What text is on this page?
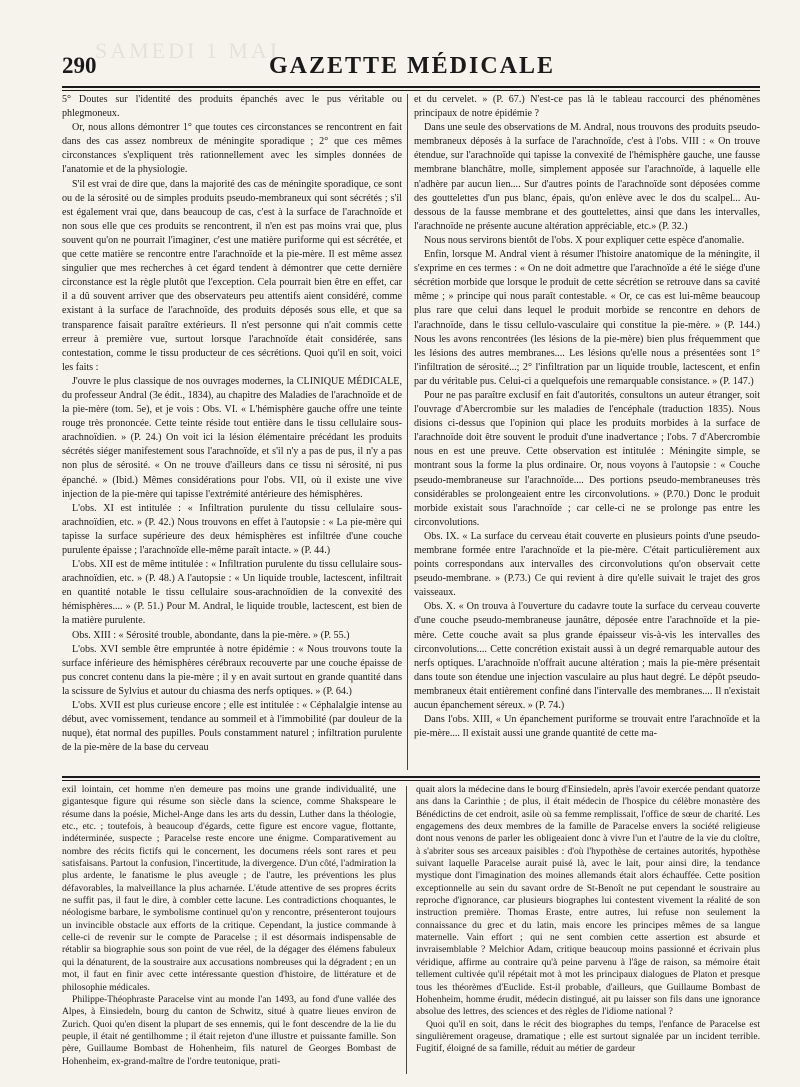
SAMEDI 1 MAI
GAZETTE MÉDICALE
290

5° Doutes sur l'identité des produits épanchés avec le pus véritable ou phlegmoneux.

Or, nous allons démontrer 1° que toutes ces circonstances se rencontrent en fait dans des cas assez nombreux de méningite sporadique ; 2° que ces mêmes circonstances s'expliquent très rationnellement avec les simples données de l'anatomie et de la physiologie.

S'il est vrai de dire que, dans la majorité des cas de méningite sporadique, ce sont ou de la sérosité ou de simples produits pseudo-membraneux qui sont sécrétés ; s'il est également vrai que, dans beaucoup de cas, c'est à la surface de l'arachnoïde et non sous elle que ces produits se rencontrent, il n'en est pas moins vrai que, plus souvent qu'on ne pourrait l'imaginer, c'est une matière puriforme qui est sécrétée, et que cette matière se rencontre entre l'arachnoïde et la pie-mère. Il est même assez singulier que mes recherches à cet égard tendent à démontrer que cette dernière circonstance est la règle plutôt que l'exception. Cela pourrait bien être en effet, car il a dû souvent arriver que des observateurs peu attentifs aient considéré, comme existant à la surface de l'arachnoïde, des produits déposés sous elle, et que sa transparence faisait paraître extérieurs. Il n'est personne qui n'ait commis cette erreur à première vue, surtout lorsque l'arachnoïde était considérée, sans contestation, comme le tissu producteur de ces sécrétions. Quoi qu'il en soit, voici les faits :

J'ouvre le plus classique de nos ouvrages modernes, la CLINIQUE MÉDICALE, du professeur Andral (3e édit., 1834), au chapitre des Maladies de l'arachnoïde et de la pie-mère (tom. 5e), et je vois : Obs. VI. « L'hémisphère gauche offre une teinte rouge très prononcée. Cette teinte réside tout entière dans le tissu cellulaire sous-arachnoïdien. » (P. 24.) On voit ici la lésion élémentaire précédant les produits sécrétés siéger manifestement sous l'arachnoïde, et s'il n'y a pas de pus, il n'y a pas non plus de sérosité. « On ne trouve d'ailleurs dans ce tissu ni sérosité, ni pus épanché. » (Ibid.) Mêmes considérations pour l'obs. VII, où il existe une vive injection de la pie-mère qui tapisse l'extrémité antérieure des hémisphères.

L'obs. XI est intitulée : « Infiltration purulente du tissu cellulaire sous-arachnoïdien, etc. » (P. 42.) Nous trouvons en effet à l'autopsie : « La pie-mère qui tapisse la surface supérieure des deux hémisphères est infiltrée d'une couche purulente épaisse ; l'arachnoïde elle-même paraît intacte. » (P. 44.)

L'obs. XII est de même intitulée : « Infiltration purulente du tissu cellulaire sous-arachnoïdien, etc. » (P. 48.) A l'autopsie : « Un liquide trouble, lactescent, infiltrait en quantité notable le tissu cellulaire sous-arachnoïdien de la convexité des hémisphères.... » (P. 51.) Pour M. Andral, le liquide trouble, lactescent, est bien de la matière purulente.

Obs. XIII : « Sérosité trouble, abondante, dans la pie-mère. » (P. 55.)

L'obs. XVI semble être empruntée à notre épidémie : « Nous trouvons toute la surface inférieure des hémisphères cérébraux recouverte par une couche épaisse de pus concret contenu dans la pie-mère ; il y en avait surtout en grande quantité dans la scissure de Sylvius et autour du chiasma des nerfs optiques. » (P. 64.)

L'obs. XVII est plus curieuse encore ; elle est intitulée : « Céphalalgie intense au début, avec vomissement, tendance au sommeil et à l'immobilité (par douleur de la nuque), état normal des pupilles. Pouls constamment naturel ; infiltration purulente de la pie-mère de la base du cerveau

et du cervelet. » (P. 67.) N'est-ce pas là le tableau raccourci des phénomènes principaux de notre épidémie ?

Dans une seule des observations de M. Andral, nous trouvons des produits pseudo-membraneux déposés à la surface de l'arachnoïde, c'est à l'obs. VIII : « On trouve étendue, sur l'arachnoïde qui tapisse la convexité de l'hémisphère gauche, une fausse membrane blanchâtre, molle, simplement apposée sur l'arachnoïde, à laquelle elle n'adhère par aucun lien.... Sur d'autres points de l'arachnoïde sont déposées comme des gouttelettes d'un pus blanc, épais, qu'on enlève avec le dos du scalpel... Au-dessous de la fausse membrane et des gouttelettes, ainsi que dans les intervalles, l'arachnoïde ne présente aucune altération appréciable, etc.» (P. 32.)

Nous nous servirons bientôt de l'obs. X pour expliquer cette espèce d'anomalie.

Enfin, lorsque M. Andral vient à résumer l'histoire anatomique de la méningite, il s'exprime en ces termes : « On ne doit admettre que l'arachnoïde a été le siége d'une sécrétion morbide que lorsque le produit de cette sécrétion se retrouve dans sa cavité même ; » principe qui nous paraît contestable. « Or, ce cas est lui-même beaucoup plus rare que celui dans lequel le produit morbide se rencontre en dehors de l'arachnoïde, dans le tissu cellulo-vasculaire qui constitue la pie-mère. » (P. 144.) Nous les avons rencontrées (les lésions de la pie-mère) bien plus fréquemment que les lésions des autres membranes.... Les lésions qu'elle nous a présentées sont 1° l'infiltration de sérosité...; 2° l'infiltration par un liquide trouble, lactescent, et enfin par du véritable pus. Celui-ci a quelquefois une remarquable consistance. » (P. 147.)

Pour ne pas paraître exclusif en fait d'autorités, consultons un auteur étranger, soit l'ouvrage d'Abercrombie sur les maladies de l'encéphale (traduction 1835). Nous disions ci-dessus que l'opinion qui place les produits morbides à la surface de l'arachnoïde doit être souvent le produit d'une inadvertance ; l'obs. 7 d'Abercrombie nous en est une preuve. Cette observation est intitulée : Méningite simple, se montrant sous la forme la plus ordinaire. Or, nous voyons à l'autopsie : « Couche pseudo-membraneuse sur l'arachnoïde.... Des portions pseudo-membraneuses très considérables se prolongeaient entre les circonvolutions. » (P.70.) Donc le produit morbide existait sous l'arachnoïde ; car celle-ci ne se prolonge pas entre les circonvolutions.

Obs. IX. « La surface du cerveau était couverte en plusieurs points d'une pseudo-membrane formée entre l'arachnoïde et la pie-mère. C'était particulièrement aux points correspondans aux intervalles des circonvolutions qu'on observait cette pseudo-membrane. » (P.73.) Ce qui revient à dire qu'elle suivait le trajet des gros vaisseaux.

Obs. X. « On trouva à l'ouverture du cadavre toute la surface du cerveau couverte d'une couche pseudo-membraneuse jaunâtre, déposée entre l'arachnoïde et la pie-mère. Cette couche avait sa plus grande épaisseur vis-à-vis les intervalles des circonvolutions.... Cette concrétion existait aussi à un degré remarquable autour des nerfs optiques. L'arachnoïde n'offrait aucune altération ; mais la pie-mère présentait dans toute son étendue une injection vasculaire au plus haut degré. Le dépôt pseudo-membraneux était entièrement confiné dans l'intervalle des membranes.... Il n'existait aucun épanchement séreux. » (P. 74.)

Dans l'obs. XIII, « Un épanchement puriforme se trouvait entre l'arachnoïde et la pie-mère.... Il existait aussi une grande quantité de cette ma-

exil lointain, cet homme n'en demeure pas moins une grande individualité, une gigantesque figure qui résume son siècle dans la science, comme Shakspeare le résume dans la poésie, Michel-Ange dans les arts du dessin, Luther dans la théologie, etc., etc. ; toutefois, à beaucoup d'égards, cette figure est encore vague, flottante, indéterminée, suspecte ; Paracelse reste encore une énigme. Comparativement au nombre des récits fictifs qui le concernent, les documens réels sont rares et peu satisfaisans. Partout la confusion, l'incertitude, la divergence. D'un côté, l'admiration la plus ardente, le fanatisme le plus aveugle ; de l'autre, les préventions les plus défavorables, la malveillance la plus acharnée. L'étude attentive de ses propres écrits ne suffit pas, il faut le dire, à combler cette lacune. Les contradictions choquantes, le néologisme barbare, le symbolisme continuel qu'on y rencontre, présenteront toujours un invincible obstacle aux efforts de la critique. Cependant, la justice commande à celle-ci de revenir sur le compte de Paracelse ; il est désormais indispensable de rétablir sa biographie sous son point de vue réel, de la dégager des élémens fabuleux qui la dénaturent, de la soustraire aux accusations nombreuses qui la dégradent ; en un mot, il faut en finir avec cette intéressante question d'histoire, de littérature et de philosophie médicales.

Philippe-Théophraste Paracelse vint au monde l'an 1493, au fond d'une vallée des Alpes, à Einsiedeln, bourg du canton de Schwitz, situé à quatre lieues environ de Zurich. Quoi qu'en disent la plupart de ses ennemis, qui le font descendre de la lie du peuple, il était né gentilhomme ; il était rejeton d'une illustre et puissante famille. Son père, Guillaume Bombast de Hohenheim, fils naturel de Georges Bombast de Hohenheim, ex-grand-maître de l'ordre teutonique, prati-

quait alors la médecine dans le bourg d'Einsiedeln, après l'avoir exercée pendant quatorze ans dans la Carinthie ; de plus, il était médecin de l'hospice du célèbre monastère des Bénédictins de cet endroit, asile où sa femme remplissait, l'office de sœur de charité. Les engagemens des deux membres de la famille de Paracelse envers la société religieuse dont nous venons de parler les obligeaient donc à vivre l'un et l'autre de la vie du cloître, à s'abriter sous ses arceaux paisibles : d'où l'hypothèse de certaines autorités, hypothèse suivant laquelle Paracelse aurait puisé là, avec le lait, pour ainsi dire, la tendance mystique dont l'imagination des moines allemands était alors échauffée. Cette position exceptionnelle au sein du savant ordre de St-Benoît ne put cependant le soustraire au reproche d'ignorance, car plusieurs biographes lui contestent vivement la réalité de son instruction première. Thomas Eraste, entre autres, lui refuse non seulement la connaissance du grec et du latin, mais encore les principes mêmes de sa langue maternelle. Vain effort ; qui ne sent combien cette assertion est absurde et invraisemblable ? Melchior Adam, critique beaucoup moins passionné et écrivain plus véridique, affirme au contraire qu'à peine parvenu à l'âge de raison, sa mémoire était tellement cultivée qu'il répétait mot à mot les principaux dialogues de Platon et presque tous les théorèmes d'Euclide. Est-il probable, d'ailleurs, que Guillaume Bombast de Hohenheim, homme érudit, médecin distingué, ait pu laisser son fils dans une ignorance absolue des lettres, des sciences et des règles de l'idiome national ?

Quoi qu'il en soit, dans le récit des biographes du temps, l'enfance de Paracelse est singulièrement orageuse, dramatique ; elle est surtout signalée par un incident terrible. Fugitif, éloigné de sa famille, réduit au métier de gardeur
